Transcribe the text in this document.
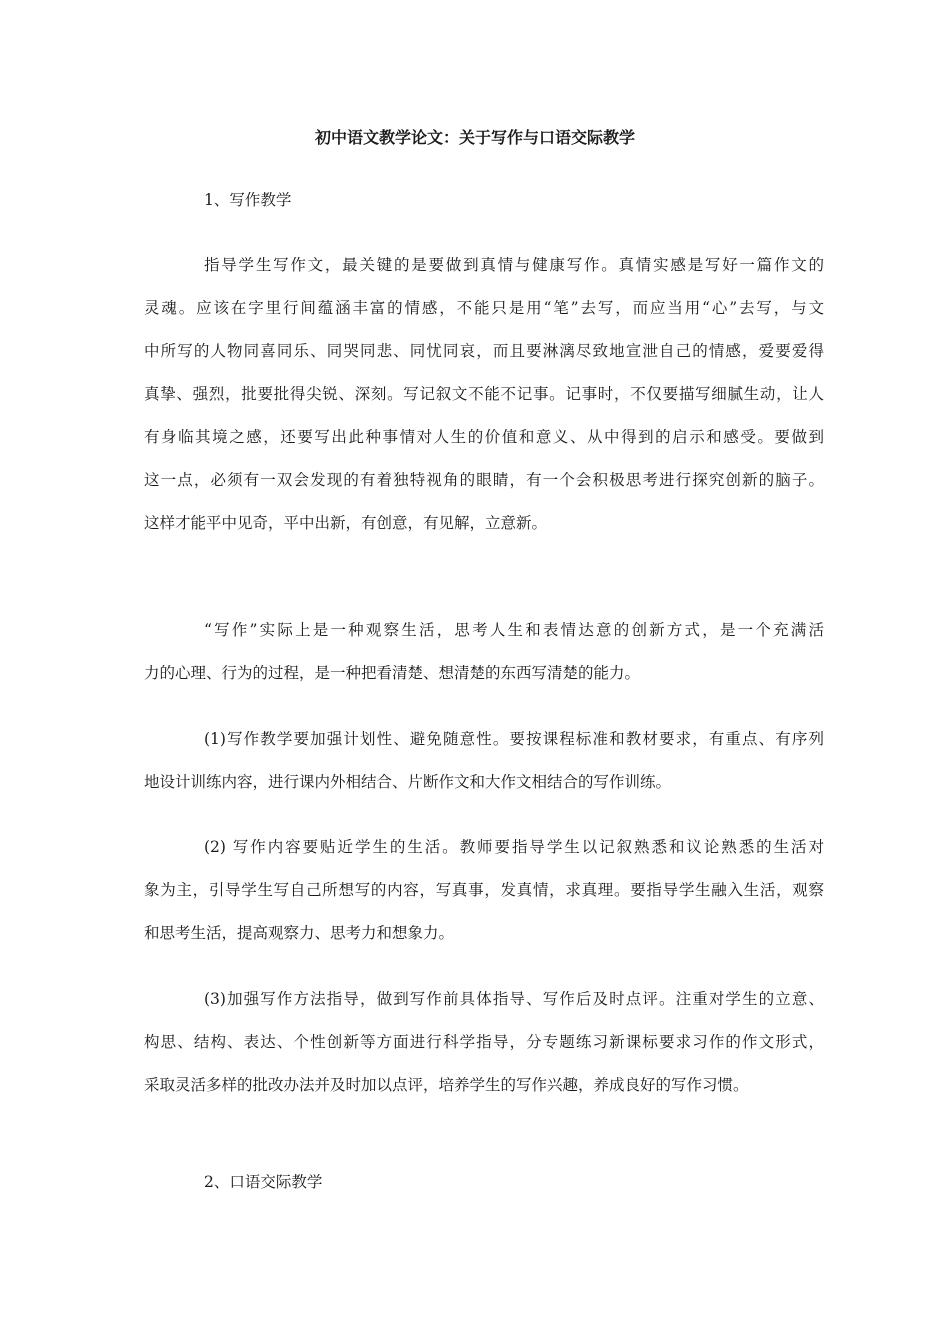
初中语文教学论文：关于写作与口语交际教学
1、写作教学
指导学生写作文，最关键的是要做到真情与健康写作。真情实感是写好一篇作文的
灵魂。应该在字里行间蕴涵丰富的情感，不能只是用“笔”去写，而应当用“心”去写，与文
中所写的人物同喜同乐、同哭同悲、同忧同哀，而且要淋漓尽致地宣泄自己的情感，爱要爱得
真挚、强烈，批要批得尖锐、深刻。写记叙文不能不记事。记事时，不仅要描写细腻生动，让人
有身临其境之感，还要写出此种事情对人生的价值和意义、从中得到的启示和感受。要做到
这一点，必须有一双会发现的有着独特视角的眼睛，有一个会积极思考进行探究创新的脑子。
这样才能平中见奇，平中出新，有创意，有见解，立意新。
“写作”实际上是一种观察生活，思考人生和表情达意的创新方式，是一个充满活
力的心理、行为的过程，是一种把看清楚、想清楚的东西写清楚的能力。
(1)写作教学要加强计划性、避免随意性。要按课程标准和教材要求，有重点、有序列
地设计训练内容，进行课内外相结合、片断作文和大作文相结合的写作训练。
(2) 写作内容要贴近学生的生活。教师要指导学生以记叙熟悉和议论熟悉的生活对
象为主，引导学生写自己所想写的内容，写真事，发真情，求真理。要指导学生融入生活，观察
和思考生活，提高观察力、思考力和想象力。
(3)加强写作方法指导，做到写作前具体指导、写作后及时点评。注重对学生的立意、
构思、结构、表达、个性创新等方面进行科学指导，分专题练习新课标要求习作的作文形式，
采取灵活多样的批改办法并及时加以点评，培养学生的写作兴趣，养成良好的写作习惯。
2、口语交际教学
